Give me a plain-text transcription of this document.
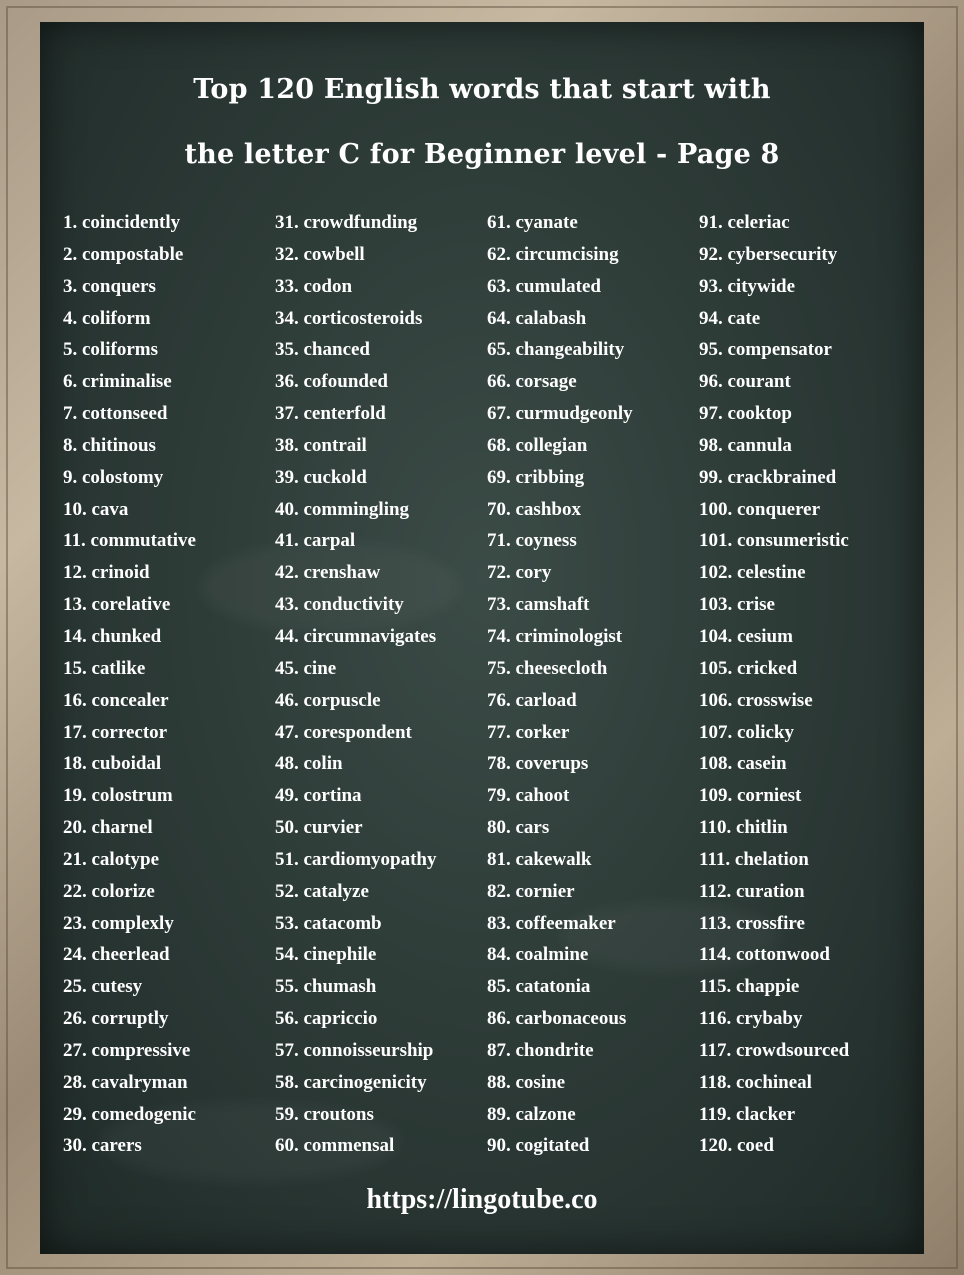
Top 120 English words that start with
the letter C for Beginner level - Page 8
1. coincidently
2. compostable
3. conquers
4. coliform
5. coliforms
6. criminalise
7. cottonseed
8. chitinous
9. colostomy
10. cava
11. commutative
12. crinoid
13. corelative
14. chunked
15. catlike
16. concealer
17. corrector
18. cuboidal
19. colostrum
20. charnel
21. calotype
22. colorize
23. complexly
24. cheerlead
25. cutesy
26. corruptly
27. compressive
28. cavalryman
29. comedogenic
30. carers
31. crowdfunding
32. cowbell
33. codon
34. corticosteroids
35. chanced
36. cofounded
37. centerfold
38. contrail
39. cuckold
40. commingling
41. carpal
42. crenshaw
43. conductivity
44. circumnavigates
45. cine
46. corpuscle
47. corespondent
48. colin
49. cortina
50. curvier
51. cardiomyopathy
52. catalyze
53. catacomb
54. cinephile
55. chumash
56. capriccio
57. connoisseurship
58. carcinogenicity
59. croutons
60. commensal
61. cyanate
62. circumcising
63. cumulated
64. calabash
65. changeability
66. corsage
67. curmudgeonly
68. collegian
69. cribbing
70. cashbox
71. coyness
72. cory
73. camshaft
74. criminologist
75. cheesecloth
76. carload
77. corker
78. coverups
79. cahoot
80. cars
81. cakewalk
82. cornier
83. coffeemaker
84. coalmine
85. catatonia
86. carbonaceous
87. chondrite
88. cosine
89. calzone
90. cogitated
91. celeriac
92. cybersecurity
93. citywide
94. cate
95. compensator
96. courant
97. cooktop
98. cannula
99. crackbrained
100. conquerer
101. consumeristic
102. celestine
103. crise
104. cesium
105. cricked
106. crosswise
107. colicky
108. casein
109. corniest
110. chitlin
111. chelation
112. curation
113. crossfire
114. cottonwood
115. chappie
116. crybaby
117. crowdsourced
118. cochineal
119. clacker
120. coed
https://lingotube.co
